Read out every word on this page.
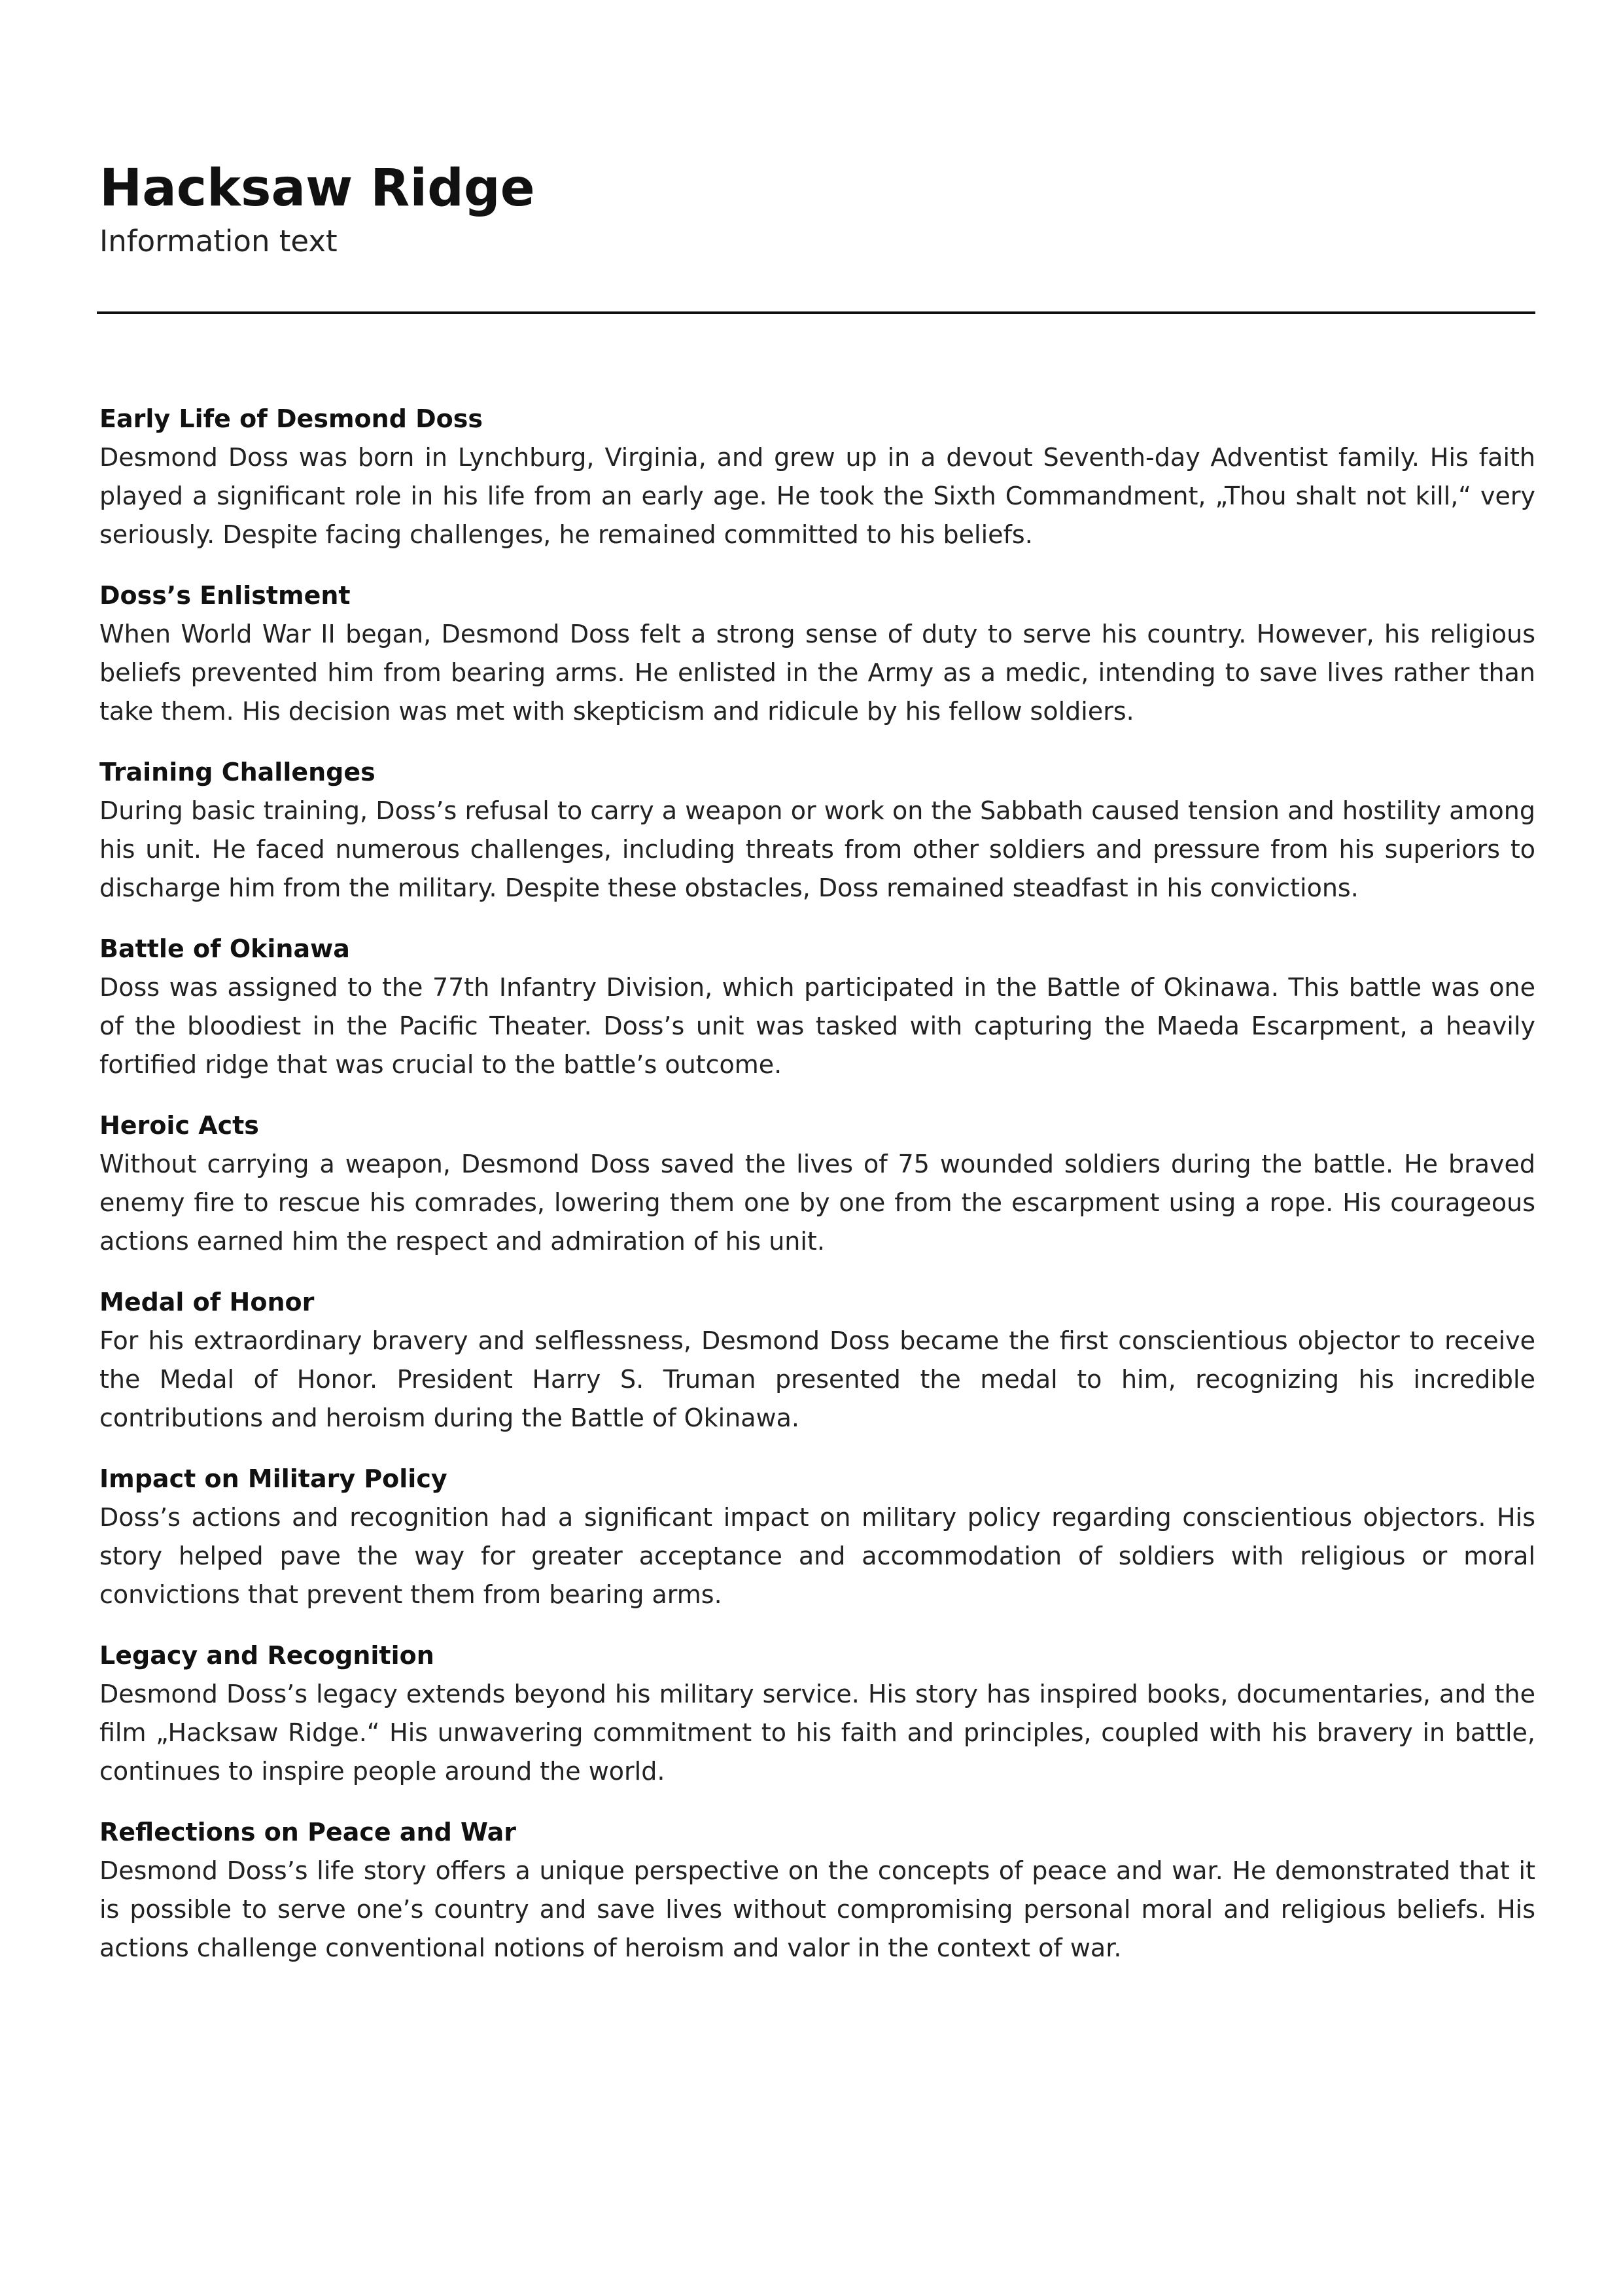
Hacksaw Ridge

Information text

Early Life of Desmond Doss

Desmond Doss was born in Lynchburg, Virginia, and grew up in a devout Seventh-day Adventist family. His faith played a significant role in his life from an early age. He took the Sixth Commandment, „Thou shalt not kill,“ very seriously. Despite facing challenges, he remained committed to his beliefs.

Doss’s Enlistment

When World War II began, Desmond Doss felt a strong sense of duty to serve his country. However, his religious beliefs prevented him from bearing arms. He enlisted in the Army as a medic, intending to save lives rather than take them. His decision was met with skepticism and ridicule by his fellow soldiers.

Training Challenges

During basic training, Doss’s refusal to carry a weapon or work on the Sabbath caused tension and hostility among his unit. He faced numerous challenges, including threats from other soldiers and pressure from his superiors to discharge him from the military. Despite these obstacles, Doss remained steadfast in his convictions.

Battle of Okinawa

Doss was assigned to the 77th Infantry Division, which participated in the Battle of Okinawa. This battle was one of the bloodiest in the Pacific Theater. Doss’s unit was tasked with capturing the Maeda Escarpment, a heavily fortified ridge that was crucial to the battle’s outcome.

Heroic Acts

Without carrying a weapon, Desmond Doss saved the lives of 75 wounded soldiers during the battle. He braved enemy fire to rescue his comrades, lowering them one by one from the escarpment using a rope. His courageous actions earned him the respect and admiration of his unit.

Medal of Honor

For his extraordinary bravery and selflessness, Desmond Doss became the first conscientious objector to receive the Medal of Honor. President Harry S. Truman presented the medal to him, recognizing his incredible contributions and heroism during the Battle of Okinawa.

Impact on Military Policy

Doss’s actions and recognition had a significant impact on military policy regarding conscientious objectors. His story helped pave the way for greater acceptance and accommodation of soldiers with religious or moral convictions that prevent them from bearing arms.

Legacy and Recognition

Desmond Doss’s legacy extends beyond his military service. His story has inspired books, documentaries, and the film „Hacksaw Ridge.“ His unwavering commitment to his faith and principles, coupled with his bravery in battle, continues to inspire people around the world.

Reflections on Peace and War

Desmond Doss’s life story offers a unique perspective on the concepts of peace and war. He demonstrated that it is possible to serve one’s country and save lives without compromising personal moral and religious beliefs. His actions challenge conventional notions of heroism and valor in the context of war.
